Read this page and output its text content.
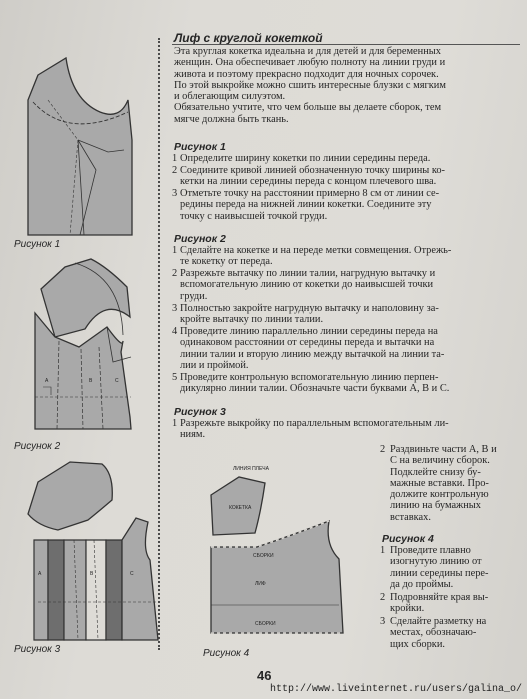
Рисунок 1
A	B	C
Рисунок 2
A	B	C
Рисунок 3
ЛИНИЯ ПЛЕЧА
КОКЕТКА
СБОРКИ
ЛИФ
СБОРКИ
Рисунок 4
Лиф с круглой кокеткой
Эта круглая кокетка идеальна и для детей и для беременных
женщин. Она обеспечивает любую полноту на линии груди и
живота и поэтому прекрасно подходит для ночных сорочек.
По этой выкройке можно сшить интересные блузки с мягким
и облегающим силуэтом.
Обязательно учтите, что чем больше вы делаете сборок, тем
мягче должна быть ткань.
Рисунок 1
1 Определите ширину кокетки по линии середины переда.
2 Соедините кривой линией обозначенную точку ширины ко-
кетки на линии середины переда с концом плечевого шва.
3 Отметьте точку на расстоянии примерно 8 см от линии се-
редины переда на нижней линии кокетки. Соедините эту
точку с наивысшей точкой груди.
Рисунок 2
1 Сделайте на кокетке и на переде метки совмещения. Отрежь-
те кокетку от переда.
2 Разрежьте вытачку по линии талии, нагрудную вытачку и
вспомогательную линию от кокетки до наивысшей точки
груди.
3 Полностью закройте нагрудную вытачку и наполовину за-
кройте вытачку по линии талии.
4 Проведите линию параллельно линии середины переда на
одинаковом расстоянии от середины переда и вытачки на
линии талии и вторую линию между вытачкой на линии та-
лии и проймой.
5 Проведите контрольную вспомогательную линию перпен-
дикулярно линии талии. Обозначьте части буквами А, В и С.
Рисунок 3
1 Разрежьте выкройку по параллельным вспомогательным ли-
ниям.
2 Раздвиньте части А, В и
С на величину сборок.
Подклейте снизу бу-
мажные вставки. Про-
должите контрольную
линию на бумажных
вставках.
Рисунок 4
1 Проведите плавно
изогнутую линию от
линии середины пере-
да до проймы.
2 Подровняйте края вы-
кройки.
3 Сделайте разметку на
местах, обозначаю-
щих сборки.
46
http://www.liveinternet.ru/users/galina_o/
